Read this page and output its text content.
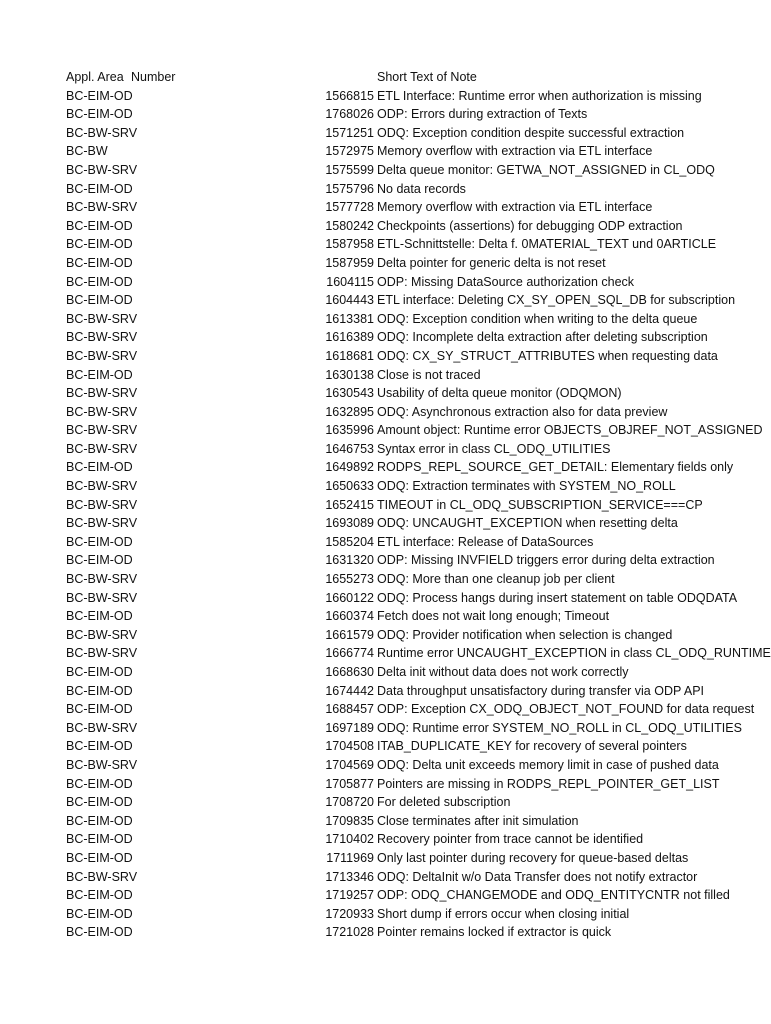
Appl. Area Number	Short Text of Note
BC-EIM-OD	1566815 ETL Interface: Runtime error when authorization is missing
BC-EIM-OD	1768026 ODP: Errors during extraction of Texts
BC-BW-SRV	1571251 ODQ: Exception condition despite successful extraction
BC-BW	1572975 Memory overflow with extraction via ETL interface
BC-BW-SRV	1575599 Delta queue monitor: GETWA_NOT_ASSIGNED in CL_ODQ
BC-EIM-OD	1575796 No data records
BC-BW-SRV	1577728 Memory overflow with extraction via ETL interface
BC-EIM-OD	1580242 Checkpoints (assertions) for debugging ODP extraction
BC-EIM-OD	1587958 ETL-Schnittstelle: Delta f. 0MATERIAL_TEXT und 0ARTICLE
BC-EIM-OD	1587959 Delta pointer for generic delta is not reset
BC-EIM-OD	1604115 ODP: Missing DataSource authorization check
BC-EIM-OD	1604443 ETL interface: Deleting CX_SY_OPEN_SQL_DB for subscription
BC-BW-SRV	1613381 ODQ: Exception condition when writing to the delta queue
BC-BW-SRV	1616389 ODQ: Incomplete delta extraction after deleting subscription
BC-BW-SRV	1618681 ODQ: CX_SY_STRUCT_ATTRIBUTES when requesting data
BC-EIM-OD	1630138 Close is not traced
BC-BW-SRV	1630543 Usability of delta queue monitor (ODQMON)
BC-BW-SRV	1632895 ODQ: Asynchronous extraction also for data preview
BC-BW-SRV	1635996 Amount object: Runtime error OBJECTS_OBJREF_NOT_ASSIGNED
BC-BW-SRV	1646753 Syntax error in class CL_ODQ_UTILITIES
BC-EIM-OD	1649892 RODPS_REPL_SOURCE_GET_DETAIL: Elementary fields only
BC-BW-SRV	1650633 ODQ: Extraction terminates with SYSTEM_NO_ROLL
BC-BW-SRV	1652415 TIMEOUT in CL_ODQ_SUBSCRIPTION_SERVICE===CP
BC-BW-SRV	1693089 ODQ: UNCAUGHT_EXCEPTION when resetting delta
BC-EIM-OD	1585204 ETL interface: Release of DataSources
BC-EIM-OD	1631320 ODP: Missing INVFIELD triggers error during delta extraction
BC-BW-SRV	1655273 ODQ: More than one cleanup job per client
BC-BW-SRV	1660122 ODQ: Process hangs during insert statement on table ODQDATA
BC-EIM-OD	1660374 Fetch does not wait long enough; Timeout
BC-BW-SRV	1661579 ODQ: Provider notification when selection is changed
BC-BW-SRV	1666774 Runtime error UNCAUGHT_EXCEPTION in class CL_ODQ_RUNTIME
BC-EIM-OD	1668630 Delta init without data does not work correctly
BC-EIM-OD	1674442 Data throughput unsatisfactory during transfer via ODP API
BC-EIM-OD	1688457 ODP: Exception CX_ODQ_OBJECT_NOT_FOUND for data request
BC-BW-SRV	1697189 ODQ: Runtime error SYSTEM_NO_ROLL in CL_ODQ_UTILITIES
BC-EIM-OD	1704508 ITAB_DUPLICATE_KEY for recovery of several pointers
BC-BW-SRV	1704569 ODQ: Delta unit exceeds memory limit in case of pushed data
BC-EIM-OD	1705877 Pointers are missing in RODPS_REPL_POINTER_GET_LIST
BC-EIM-OD	1708720 For deleted subscription
BC-EIM-OD	1709835 Close terminates after init simulation
BC-EIM-OD	1710402 Recovery pointer from trace cannot be identified
BC-EIM-OD	1711969 Only last pointer during recovery for queue-based deltas
BC-BW-SRV	1713346 ODQ: DeltaInit w/o Data Transfer does not notify extractor
BC-EIM-OD	1719257 ODP: ODQ_CHANGEMODE and ODQ_ENTITYCNTR not filled
BC-EIM-OD	1720933 Short dump if errors occur when closing initial
BC-EIM-OD	1721028 Pointer remains locked if extractor is quick
